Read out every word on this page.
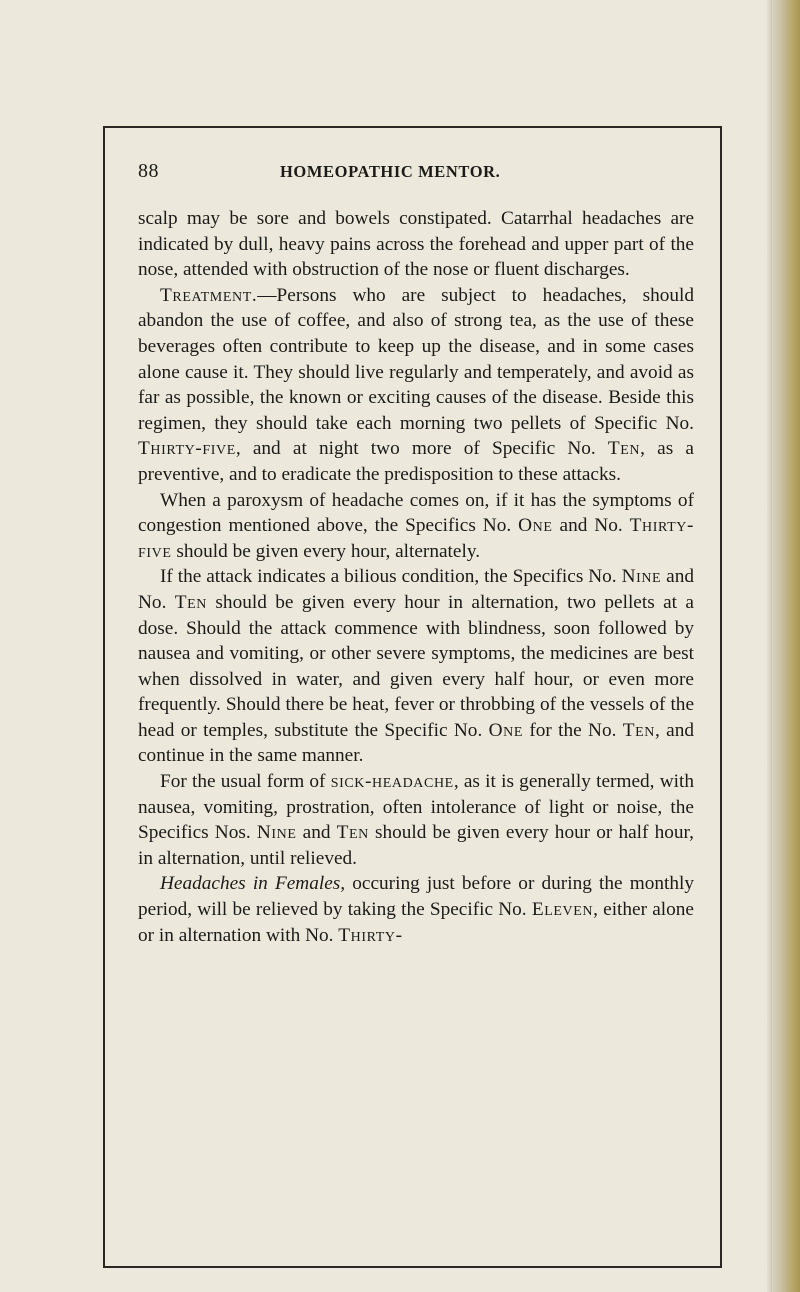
88	HOMEOPATHIC MENTOR.

scalp may be sore and bowels constipated. Catarrhal headaches are indicated by dull, heavy pains across the forehead and upper part of the nose, attended with obstruction of the nose or fluent discharges.

Treatment.—Persons who are subject to headaches, should abandon the use of coffee, and also of strong tea, as the use of these beverages often contribute to keep up the disease, and in some cases alone cause it. They should live regularly and temperately, and avoid as far as possible, the known or exciting causes of the disease. Beside this regimen, they should take each morning two pellets of Specific No. Thirty-five, and at night two more of Specific No. Ten, as a preventive, and to eradicate the predisposition to these attacks.

When a paroxysm of headache comes on, if it has the symptoms of congestion mentioned above, the Specifics No. One and No. Thirty-five should be given every hour, alternately.

If the attack indicates a bilious condition, the Specifics No. Nine and No. Ten should be given every hour in alternation, two pellets at a dose. Should the attack commence with blindness, soon followed by nausea and vomiting, or other severe symptoms, the medicines are best when dissolved in water, and given every half hour, or even more frequently. Should there be heat, fever or throbbing of the vessels of the head or temples, substitute the Specific No. One for the No. Ten, and continue in the same manner.

For the usual form of sick-headache, as it is generally termed, with nausea, vomiting, prostration, often intolerance of light or noise, the Specifics Nos. Nine and Ten should be given every hour or half hour, in alternation, until relieved.

Headaches in Females, occuring just before or during the monthly period, will be relieved by taking the Specific No. Eleven, either alone or in alternation with No. Thirty-
